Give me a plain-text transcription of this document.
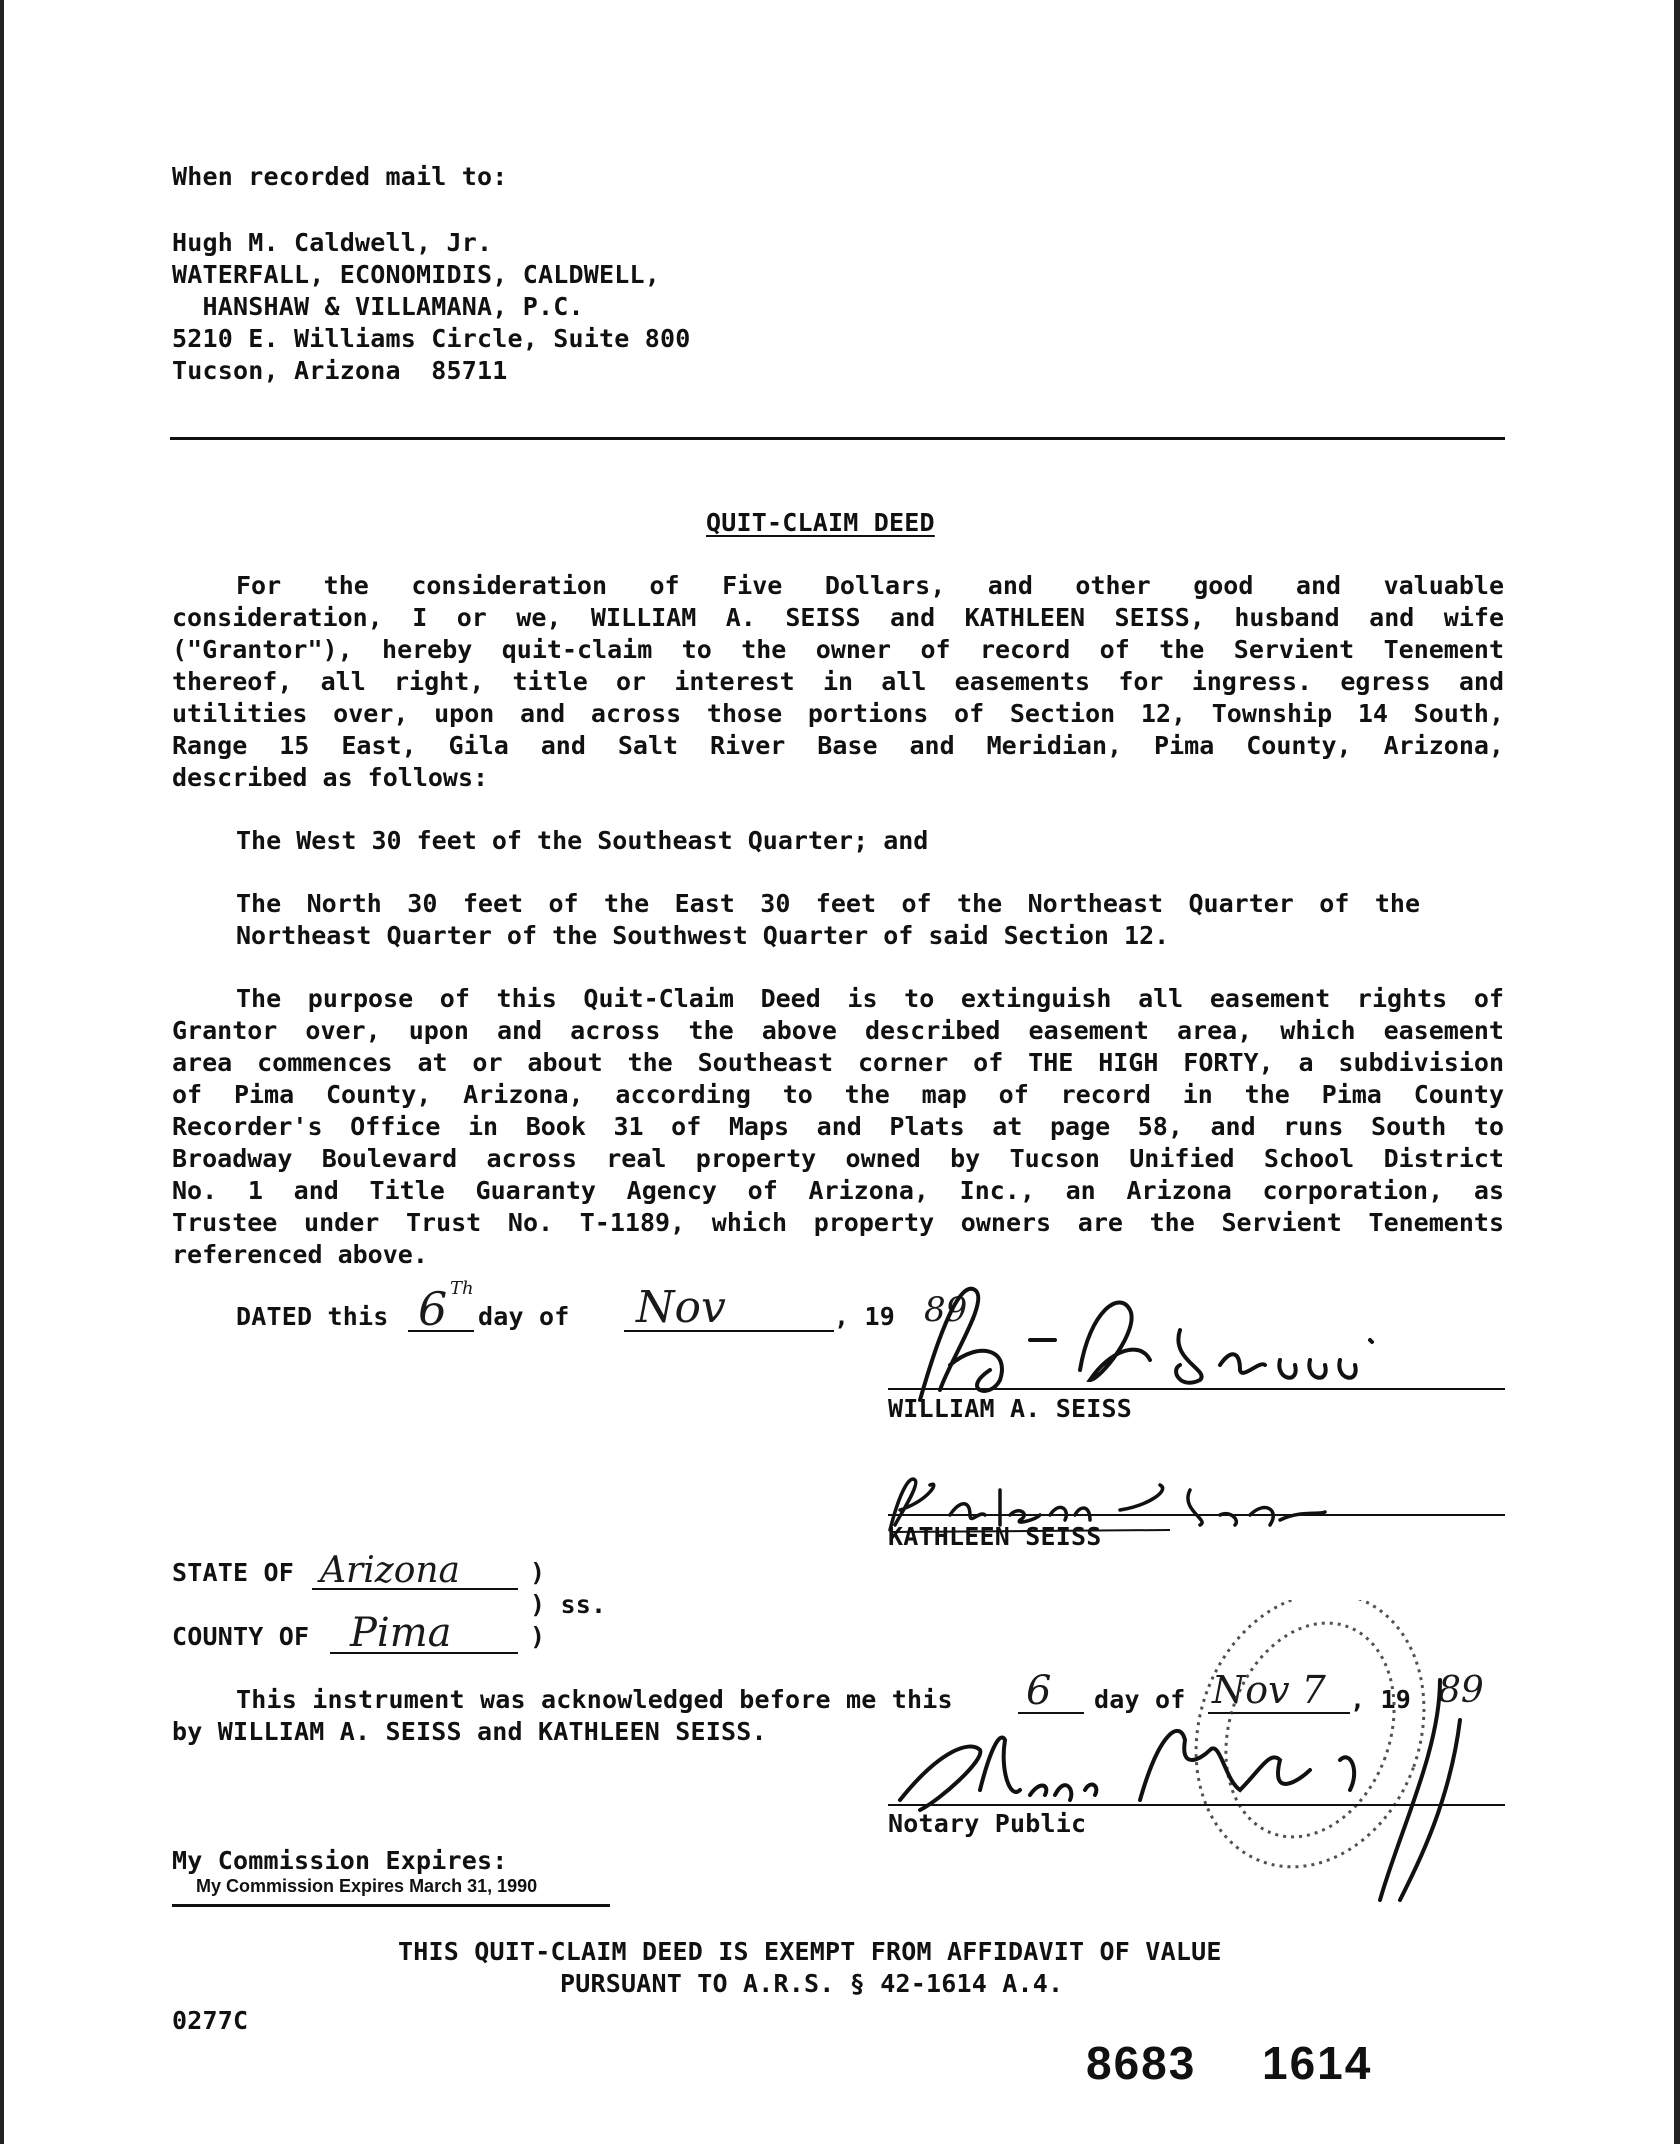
When recorded mail to:
Hugh M. Caldwell, Jr.
WATERFALL, ECONOMIDIS, CALDWELL,
HANSHAW & VILLAMANA, P.C.
5210 E. Williams Circle, Suite 800
Tucson, Arizona  85711
QUIT-CLAIM DEED
For the consideration of Five Dollars, and other good and valuable
consideration, I or we, WILLIAM A. SEISS and KATHLEEN SEISS, husband and wife
("Grantor"), hereby quit-claim to the owner of record of the Servient Tenement
thereof, all right, title or interest in all easements for ingress. egress and
utilities over, upon and across those portions of Section 12, Township 14 South,
Range 15 East, Gila and Salt River Base and Meridian, Pima County, Arizona,
described as follows:
The West 30 feet of the Southeast Quarter; and
The North 30 feet of the East 30 feet of the Northeast Quarter of the
Northeast Quarter of the Southwest Quarter of said Section 12.
The purpose of this Quit-Claim Deed is to extinguish all easement rights of
Grantor over, upon and across the above described easement area, which easement
area commences at or about the Southeast corner of THE HIGH FORTY, a subdivision
of Pima County, Arizona, according to the map of record in the Pima County
Recorder's Office in Book 31 of Maps and Plats at page 58, and runs South to
Broadway Boulevard across real property owned by Tucson Unified School District
No. 1 and Title Guaranty Agency of Arizona, Inc., an Arizona corporation, as
Trustee under Trust No. T-1189, which property owners are the Servient Tenements
referenced above.
DATED this 6 Th
day of Nov	, 19 89.
WILLIAM A. SEISS
KATHLEEN SEISS
STATE OF Arizona	)
) ss.
COUNTY OF Pima	)
This instrument was acknowledged before me this 6 day of Nov 7 , 19 89
by WILLIAM A. SEISS and KATHLEEN SEISS.
Notary Public
My Commission Expires:
My Commission Expires March 31, 1990
THIS QUIT-CLAIM DEED IS EXEMPT FROM AFFIDAVIT OF VALUE
PURSUANT TO A.R.S. § 42-1614 A.4.
0277C
8683 1614
